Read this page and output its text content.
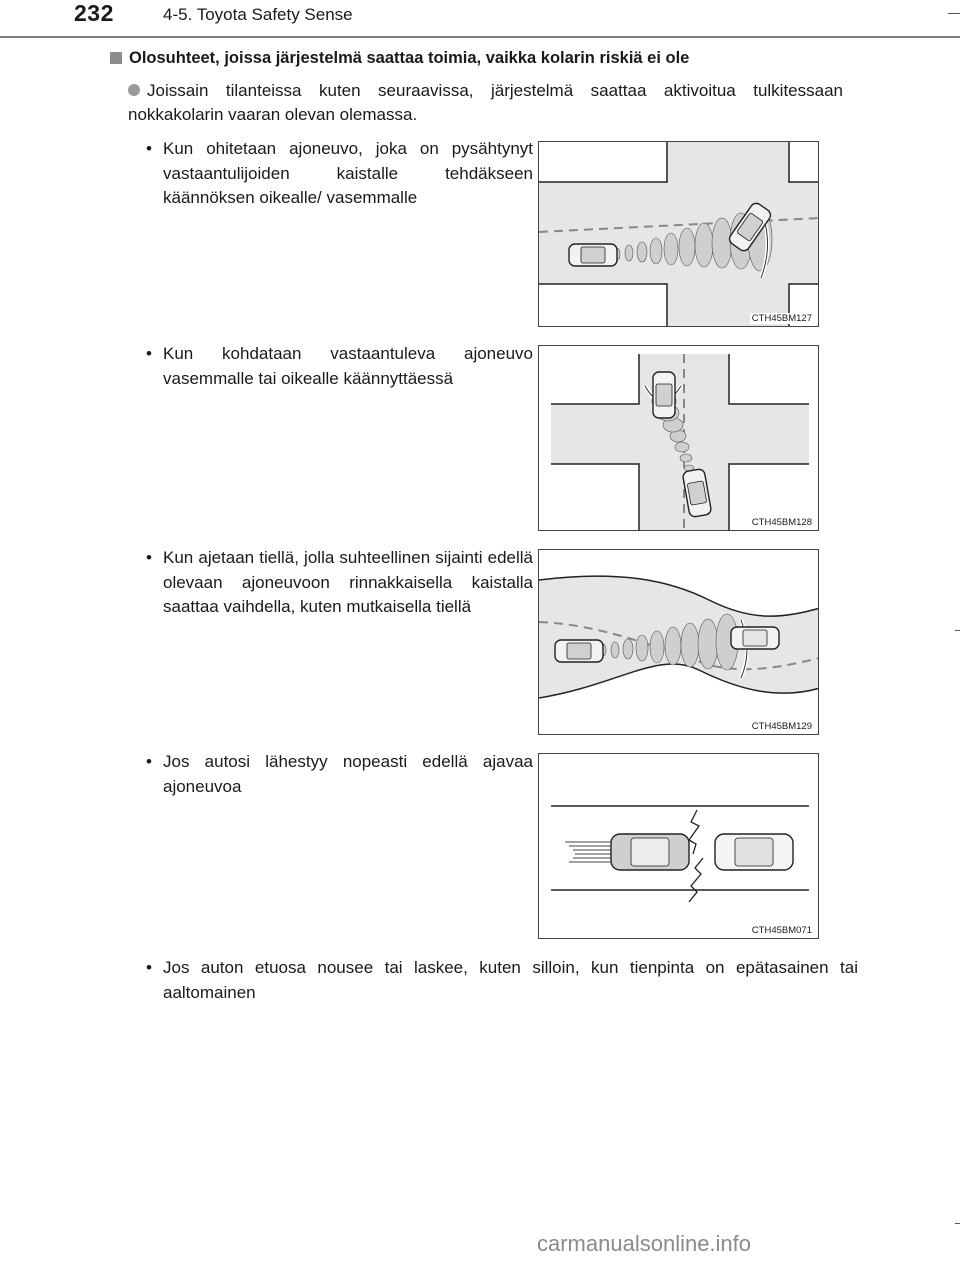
232	4-5. Toyota Safety Sense
Olosuhteet, joissa järjestelmä saattaa toimia, vaikka kolarin riskiä ei ole
Joissain tilanteissa kuten seuraavissa, järjestelmä saattaa aktivoitua tulkitessaan nokkakolarin vaaran olevan olemassa.
• Kun ohitetaan ajoneuvo, joka on pysähtynyt vastaantulijoiden kaistalle tehdäkseen käännöksen oikealle/ vasemmalle
CTH45BM127
• Kun kohdataan vastaantuleva ajoneuvo vasemmalle tai oikealle käännyttäessä
CTH45BM128
• Kun ajetaan tiellä, jolla suhteellinen sijainti edellä olevaan ajoneuvoon rinnakkaisella kaistalla saattaa vaihdella, kuten mutkaisella tiellä
CTH45BM129
• Jos autosi lähestyy nopeasti edellä ajavaa ajoneuvoa
CTH45BM071
• Jos auton etuosa nousee tai laskee, kuten silloin, kun tienpinta on epätasainen tai aaltomainen
carmanualsonline.info
